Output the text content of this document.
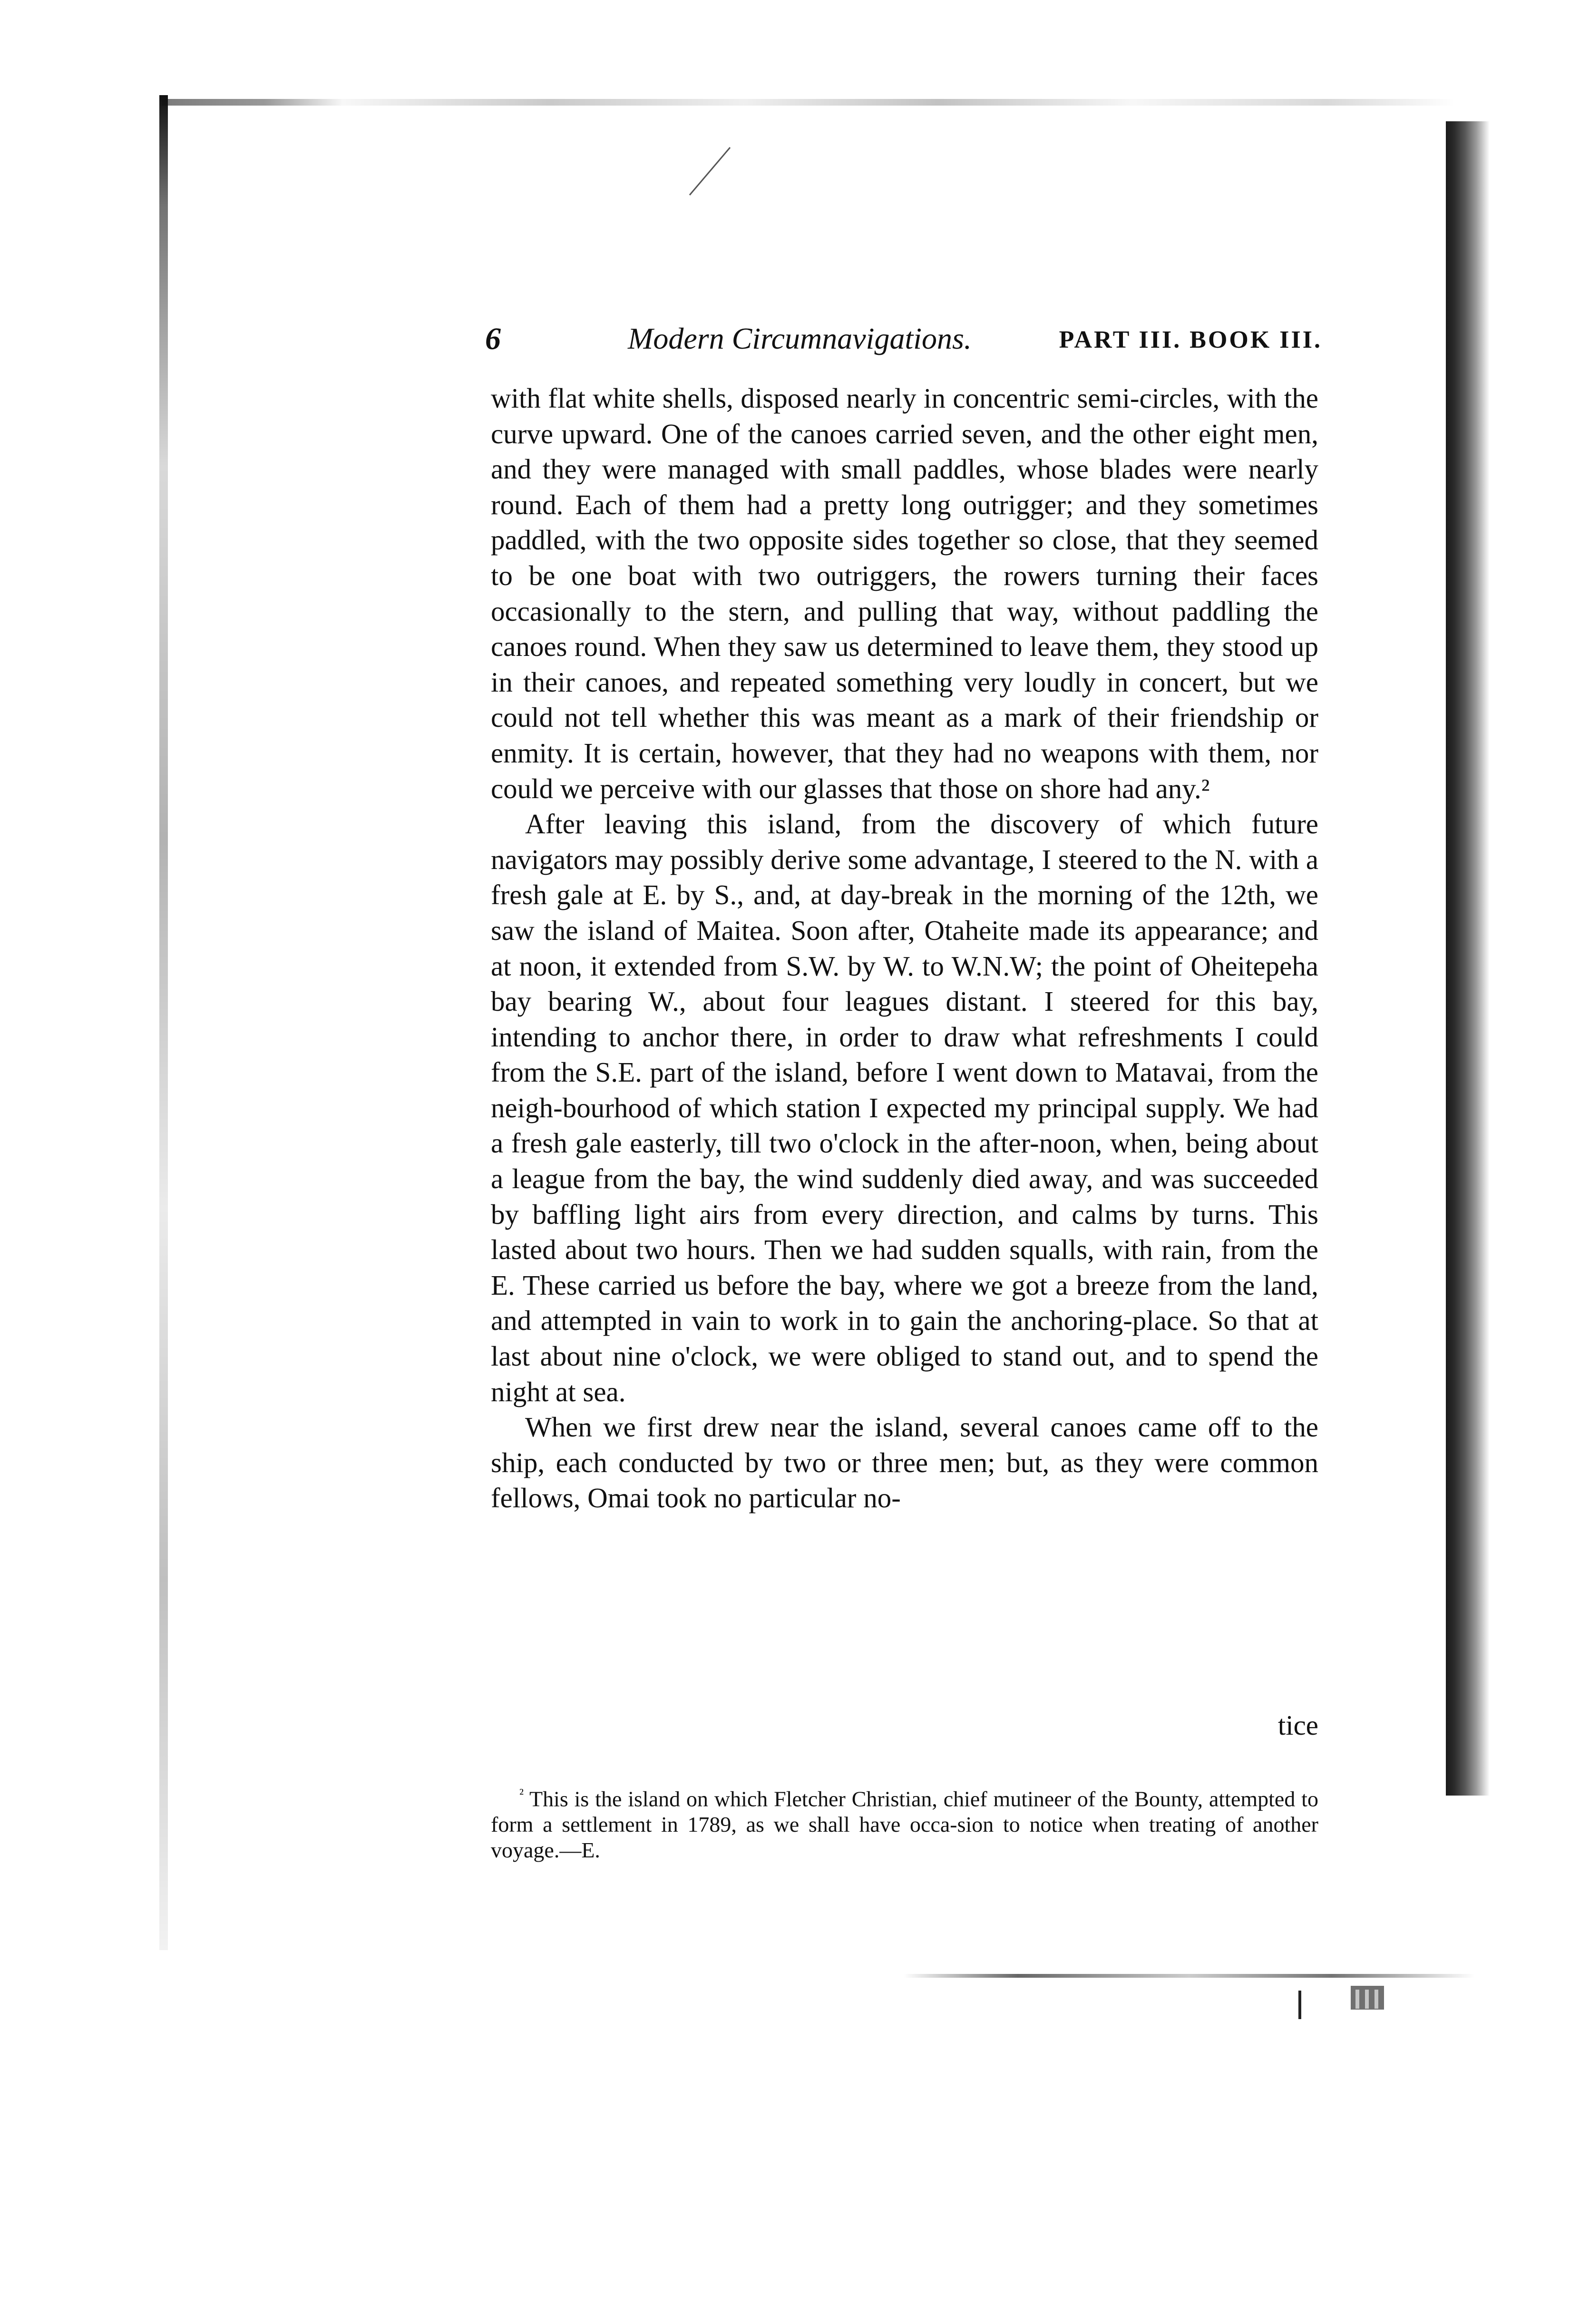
6	Modern Circumnavigations.	PART III. BOOK III.

with flat white shells, disposed nearly in concentric semi-circles, with the curve upward. One of the canoes carried seven, and the other eight men, and they were managed with small paddles, whose blades were nearly round. Each of them had a pretty long outrigger; and they sometimes paddled, with the two opposite sides together so close, that they seemed to be one boat with two outriggers, the rowers turning their faces occasionally to the stern, and pulling that way, without paddling the canoes round. When they saw us determined to leave them, they stood up in their canoes, and repeated something very loudly in concert, but we could not tell whether this was meant as a mark of their friendship or enmity. It is certain, however, that they had no weapons with them, nor could we perceive with our glasses that those on shore had any.²

After leaving this island, from the discovery of which future navigators may possibly derive some advantage, I steered to the N. with a fresh gale at E. by S., and, at day-break in the morning of the 12th, we saw the island of Maitea. Soon after, Otaheite made its appearance; and at noon, it extended from S.W. by W. to W.N.W; the point of Oheitepeha bay bearing W., about four leagues distant. I steered for this bay, intending to anchor there, in order to draw what refreshments I could from the S.E. part of the island, before I went down to Matavai, from the neigh-bourhood of which station I expected my principal supply. We had a fresh gale easterly, till two o'clock in the after-noon, when, being about a league from the bay, the wind suddenly died away, and was succeeded by baffling light airs from every direction, and calms by turns. This lasted about two hours. Then we had sudden squalls, with rain, from the E. These carried us before the bay, where we got a breeze from the land, and attempted in vain to work in to gain the anchoring-place. So that at last about nine o'clock, we were obliged to stand out, and to spend the night at sea.

When we first drew near the island, several canoes came off to the ship, each conducted by two or three men; but, as they were common fellows, Omai took no particular no-

tice
$^{^2}$ This is the island on which Fletcher Christian, chief mutineer of the Bounty, attempted to form a settlement in 1789, as we shall have occa-sion to notice when treating of another voyage.—E.
